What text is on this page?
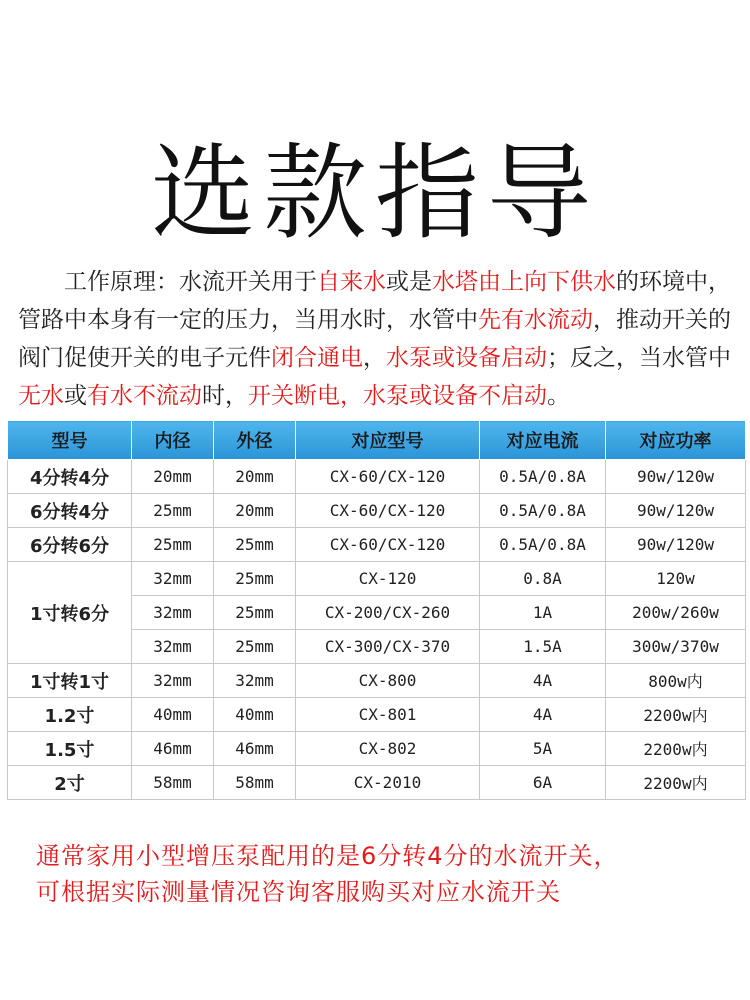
选款指导

工作原理：水流开关用于自来水或是水塔由上向下供水的环境中，管路中本身有一定的压力，当用水时，水管中先有水流动，推动开关的阀门促使开关的电子元件闭合通电，水泵或设备启动；反之，当水管中无水或有水不流动时，开关断电，水泵或设备不启动。

型号	内径	外径	对应型号	对应电流	对应功率
4分转4分	20mm	20mm	CX-60/CX-120	0.5A/0.8A	90w/120w
6分转4分	25mm	20mm	CX-60/CX-120	0.5A/0.8A	90w/120w
6分转6分	25mm	25mm	CX-60/CX-120	0.5A/0.8A	90w/120w
1寸转6分	32mm	25mm	CX-120	0.8A	120w
	32mm	25mm	CX-200/CX-260	1A	200w/260w
	32mm	25mm	CX-300/CX-370	1.5A	300w/370w
1寸转1寸	32mm	32mm	CX-800	4A	800w内
1.2寸	40mm	40mm	CX-801	4A	2200w内
1.5寸	46mm	46mm	CX-802	5A	2200w内
2寸	58mm	58mm	CX-2010	6A	2200w内
通常家用小型增压泵配用的是6分转4分的水流开关，
可根据实际测量情况咨询客服购买对应水流开关
